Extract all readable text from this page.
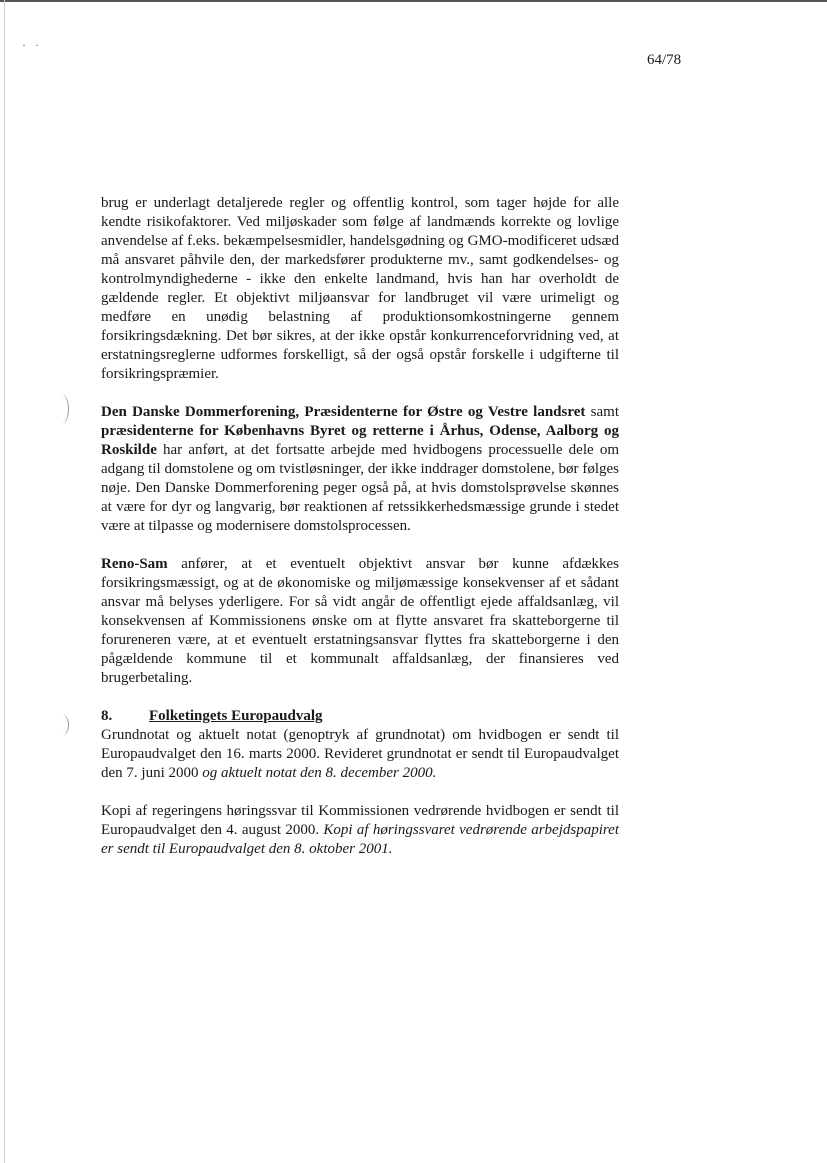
· ·
64/78

brug er underlagt detaljerede regler og offentlig kontrol, som tager højde for alle kendte risikofaktorer. Ved miljøskader som følge af landmænds korrekte og lovlige anvendelse af f.eks. bekæmpelsesmidler, handelsgødning og GMO-modificeret udsæd må ansvaret påhvile den, der markedsfører produkterne mv., samt godkendelses- og kontrolmyndighederne - ikke den enkelte landmand, hvis han har overholdt de gældende regler. Et objektivt miljøansvar for landbruget vil være urimeligt og medføre en unødig belastning af produktionsomkostningerne gennem forsikringsdækning. Det bør sikres, at der ikke opstår konkurrenceforvridning ved, at erstatningsreglerne udformes forskelligt, så der også opstår forskelle i udgifterne til forsikringspræmier.

Den Danske Dommerforening, Præsidenterne for Østre og Vestre landsret samt præsidenterne for Københavns Byret og retterne i Århus, Odense, Aalborg og Roskilde har anført, at det fortsatte arbejde med hvidbogens processuelle dele om adgang til domstolene og om tvistløsninger, der ikke inddrager domstolene, bør følges nøje. Den Danske Dommerforening peger også på, at hvis domstolsprøvelse skønnes at være for dyr og langvarig, bør reaktionen af retssikkerhedsmæssige grunde i stedet være at tilpasse og modernisere domstolsprocessen.

Reno-Sam anfører, at et eventuelt objektivt ansvar bør kunne afdækkes forsikringsmæssigt, og at de økonomiske og miljømæssige konsekvenser af et sådant ansvar må belyses yderligere. For så vidt angår de offentligt ejede affaldsanlæg, vil konsekvensen af Kommissionens ønske om at flytte ansvaret fra skatteborgerne til forureneren være, at et eventuelt erstatningsansvar flyttes fra skatteborgerne i den pågældende kommune til et kommunalt affaldsanlæg, der finansieres ved brugerbetaling.

8.	Folketingets Europaudvalg

Grundnotat og aktuelt notat (genoptryk af grundnotat) om hvidbogen er sendt til Europaudvalget den 16. marts 2000. Revideret grundnotat er sendt til Europaudvalget den 7. juni 2000 og aktuelt notat den 8. december 2000.

Kopi af regeringens høringssvar til Kommissionen vedrørende hvidbogen er sendt til Europaudvalget den 4. august 2000. Kopi af høringssvaret vedrørende arbejdspapiret er sendt til Europaudvalget den 8. oktober 2001.
